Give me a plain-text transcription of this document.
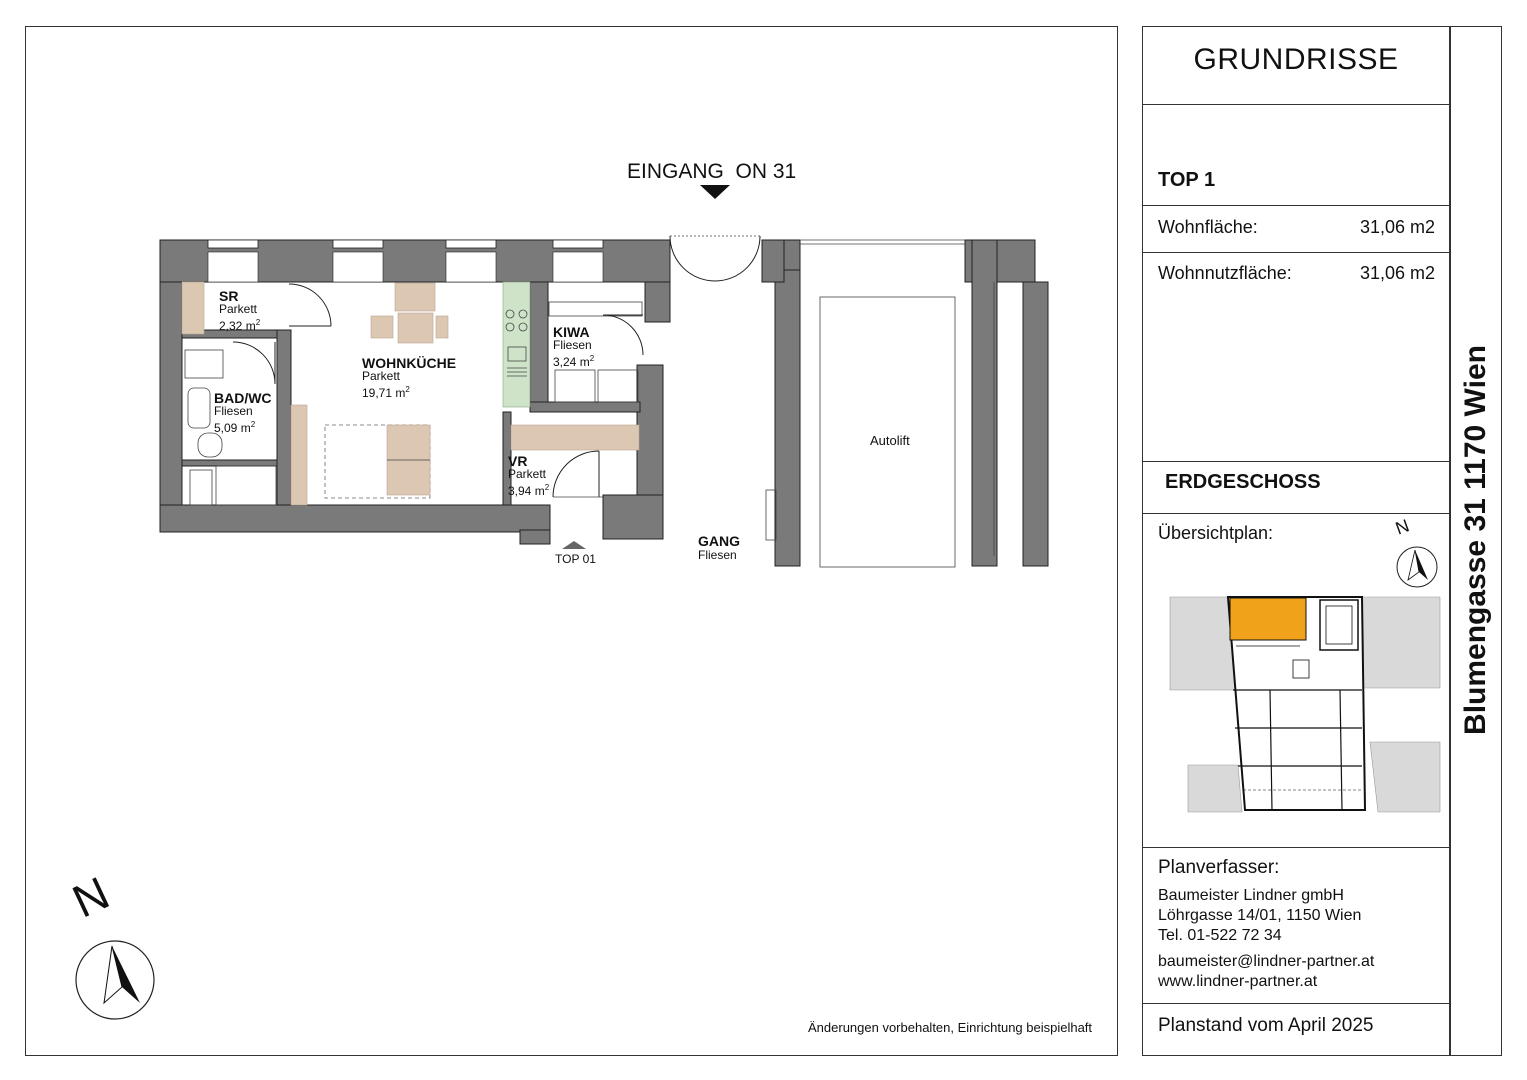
EINGANG  ON 31
N
Autolift
TOP 01
SR
Parkett
2,32 $m^2$
WOHNKÜCHE
Parkett
19,71 $m^2$
KIWA
Fliesen
3,24 $m^2$
BAD/WC
Fliesen
5,09 $m^2$
VR
Parkett
3,94 $m^2$
GANG
Fliesen
Änderungen vorbehalten, Einrichtung beispielhaft
GRUNDRISSE
TOP 1
Wohnfläche:	31,06 m2
Wohnnutzfläche:	31,06 m2
ERDGESCHOSS
Übersichtplan:
Planverfasser:
Baumeister Lindner gmbH
Löhrgasse 14/01, 1150 Wien
Tel. 01-522 72 34
baumeister@lindner-partner.at
www.lindner-partner.at
Planstand vom April 2025
N Blumengasse 31 1170 Wien
